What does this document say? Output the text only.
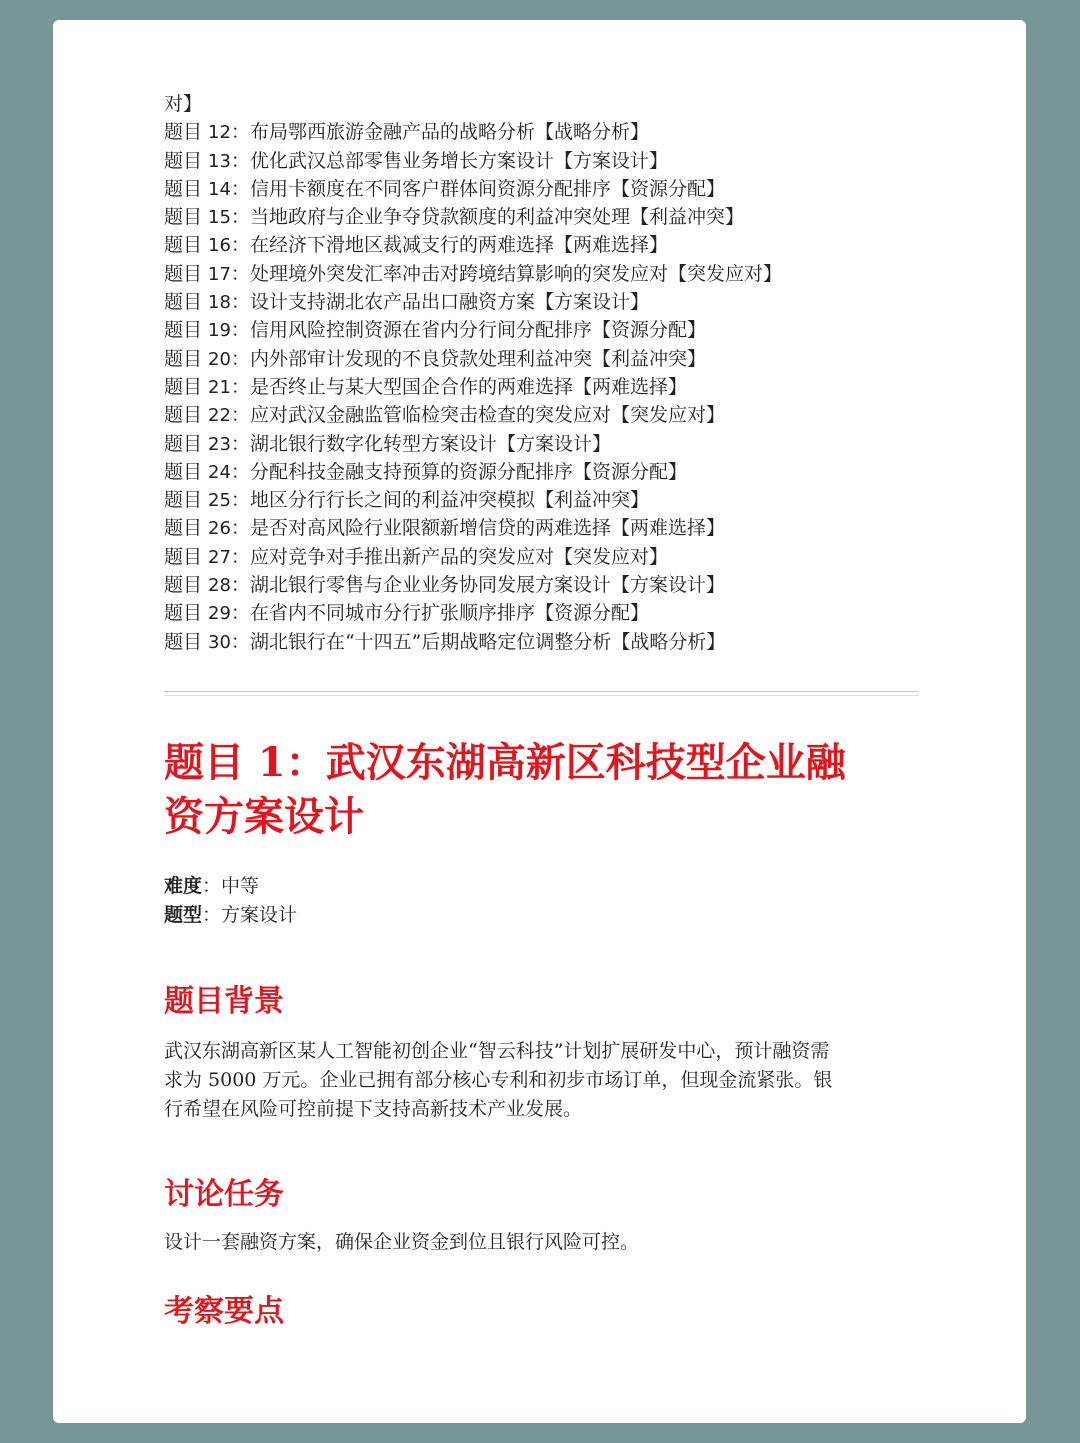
对】
题目 12：布局鄂西旅游金融产品的战略分析【战略分析】
题目 13：优化武汉总部零售业务增长方案设计【方案设计】
题目 14：信用卡额度在不同客户群体间资源分配排序【资源分配】
题目 15：当地政府与企业争夺贷款额度的利益冲突处理【利益冲突】
题目 16：在经济下滑地区裁减支行的两难选择【两难选择】
题目 17：处理境外突发汇率冲击对跨境结算影响的突发应对【突发应对】
题目 18：设计支持湖北农产品出口融资方案【方案设计】
题目 19：信用风险控制资源在省内分行间分配排序【资源分配】
题目 20：内外部审计发现的不良贷款处理利益冲突【利益冲突】
题目 21：是否终止与某大型国企合作的两难选择【两难选择】
题目 22：应对武汉金融监管临检突击检查的突发应对【突发应对】
题目 23：湖北银行数字化转型方案设计【方案设计】
题目 24：分配科技金融支持预算的资源分配排序【资源分配】
题目 25：地区分行行长之间的利益冲突模拟【利益冲突】
题目 26：是否对高风险行业限额新增信贷的两难选择【两难选择】
题目 27：应对竞争对手推出新产品的突发应对【突发应对】
题目 28：湖北银行零售与企业业务协同发展方案设计【方案设计】
题目 29：在省内不同城市分行扩张顺序排序【资源分配】
题目 30：湖北银行在“十四五”后期战略定位调整分析【战略分析】
题目 1：武汉东湖高新区科技型企业融
资方案设计
难度：中等
题型：方案设计
题目背景
武汉东湖高新区某人工智能初创企业“智云科技”计划扩展研发中心，预计融资需
求为 5000 万元。企业已拥有部分核心专利和初步市场订单，但现金流紧张。银
行希望在风险可控前提下支持高新技术产业发展。
讨论任务
设计一套融资方案，确保企业资金到位且银行风险可控。
考察要点
